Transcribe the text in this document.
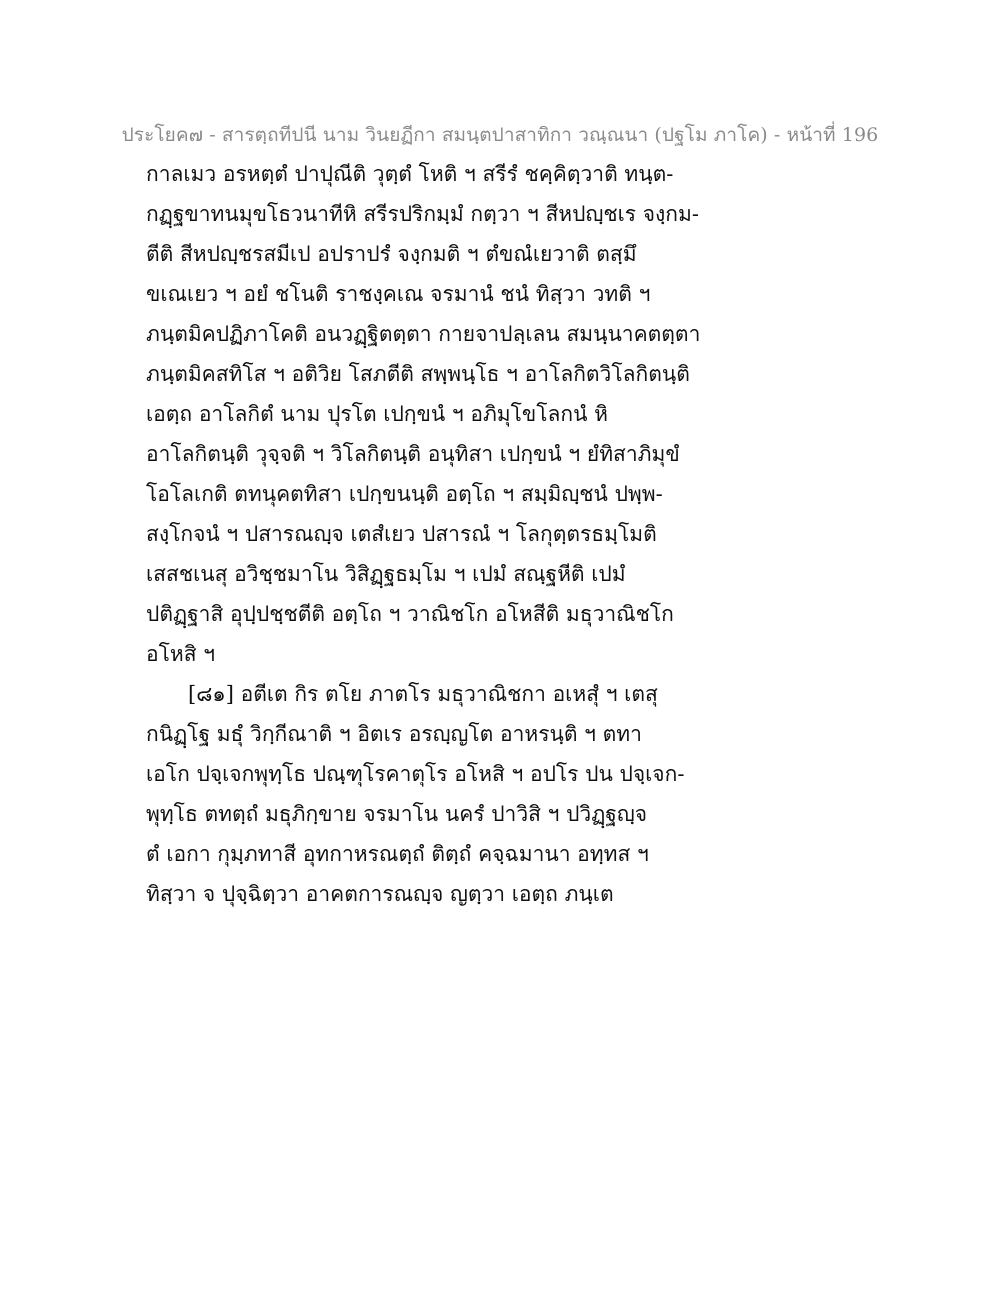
ประโยค๗ - สารตฺถทีปนี นาม วินยฏีกา สมนฺตปาสาทิกา วณฺณนา (ปฐโม ภาโค) - หน้าที่ 196
กาลเมว อรหตฺตํ ปาปุณีติ วุตฺตํ โหติ ฯ สรีรํ ชคฺคิตฺวาติ ทนฺต-
กฏฺฐขาทนมุขโธวนาทีหิ สรีรปริกมฺมํ กตฺวา ฯ สีหปญฺชเร จงฺกม-
ตีติ สีหปญฺชรสมีเป อปราปรํ จงฺกมติ ฯ ตํขณํเยวาติ ตสฺมึ
ขเณเยว ฯ อยํ ชโนติ ราชงฺคเณ จรมานํ ชนํ ทิสฺวา วทติ ฯ
ภนฺตมิคปฏิภาโคติ อนวฏฺฐิตตฺตา กายจาปลฺเลน สมนฺนาคตตฺตา
ภนฺตมิคสทิโส ฯ อติวิย โสภตีติ สพฺพนฺโธ ฯ อาโลกิตวิโลกิตนฺติ
เอตฺถ อาโลกิตํ นาม ปุรโต เปกฺขนํ ฯ อภิมุโขโลกนํ หิ
อาโลกิตนฺติ วุจฺจติ ฯ วิโลกิตนฺติ อนุทิสา เปกฺขนํ ฯ ยํทิสาภิมุขํ
โอโลเกติ ตทนุคตทิสา เปกฺขนนฺติ อตฺโถ ฯ สมฺมิญฺชนํ ปพฺพ-
สงฺโกจนํ ฯ ปสารณญฺจ เตสํเยว ปสารณํ ฯ โลกุตฺตรธมฺโมติ
เสสชเนสุ อวิชฺชมาโน วิสิฏฺฐธมฺโม ฯ เปมํ สณฺฐหีติ เปมํ
ปติฏฺฐาสิ อุปฺปชฺชตีติ อตฺโถ ฯ วาณิชโก อโหสีติ มธุวาณิชโก
อโหสิ ฯ
[๘๑] อตีเต กิร ตโย ภาตโร มธุวาณิชกา อเหสุํ ฯ เตสุ
กนิฏฺโฐ มธุํ วิกฺกีณาติ ฯ อิตเร อรญฺญโต อาหรนฺติ ฯ ตทา
เอโก ปจฺเจกพุทฺโธ ปณฺฑุโรคาตุโร อโหสิ ฯ อปโร ปน ปจฺเจก-
พุทฺโธ ตทตฺถํ มธุภิกฺขาย จรมาโน นครํ ปาวิสิ ฯ ปวิฏฺฐญฺจ
ตํ เอกา กุมฺภทาสี อุทกาหรณตฺถํ ติตฺถํ คจฺฉมานา อทฺทส ฯ
ทิสฺวา จ ปุจฺฉิตฺวา อาคตการณญฺจ ญตฺวา เอตฺถ ภนฺเต
